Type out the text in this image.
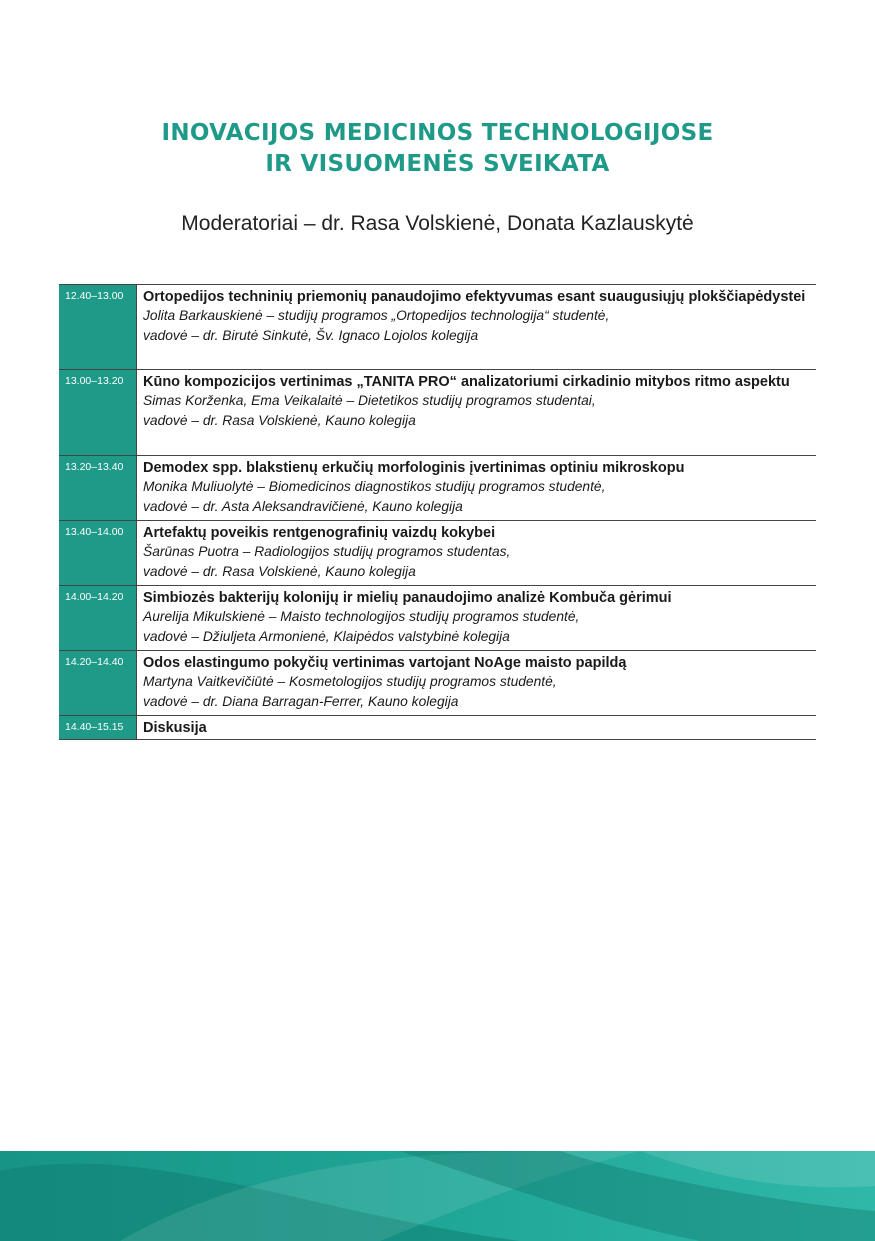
INOVACIJOS MEDICINOS TECHNOLOGIJOSE
IR VISUOMENĖS SVEIKATA
Moderatoriai – dr. Rasa Volskienė, Donata Kazlauskytė
12.40–13.00	Ortopedijos techninių priemonių panaudojimo efektyvumas esant suaugusiųjų plokščiapėdystei
Jolita Barkauskienė – studijų programos „Ortopedijos technologija“ studentė,
vadovė – dr. Birutė Sinkutė, Šv. Ignaco Lojolos kolegija
13.00–13.20	Kūno kompozicijos vertinimas „TANITA PRO“ analizatoriumi cirkadinio mitybos ritmo aspektu
Simas Korženka, Ema Veikalaitė – Dietetikos studijų programos studentai,
vadovė – dr. Rasa Volskienė, Kauno kolegija
13.20–13.40	Demodex spp. blakstienų erkučių morfologinis įvertinimas optiniu mikroskopu
Monika Muliuolytė – Biomedicinos diagnostikos studijų programos studentė,
vadovė – dr. Asta Aleksandravičienė, Kauno kolegija
13.40–14.00	Artefaktų poveikis rentgenografinių vaizdų kokybei
Šarūnas Puotra – Radiologijos studijų programos studentas,
vadovė – dr. Rasa Volskienė, Kauno kolegija
14.00–14.20	Simbiozės bakterijų kolonijų ir mielių panaudojimo analizė Kombuča gėrimui
Aurelija Mikulskienė – Maisto technologijos studijų programos studentė,
vadovė – Džiuljeta Armonienė, Klaipėdos valstybinė kolegija
14.20–14.40	Odos elastingumo pokyčių vertinimas vartojant NoAge maisto papildą
Martyna Vaitkevičiūtė – Kosmetologijos studijų programos studentė,
vadovė – dr. Diana Barragan-Ferrer, Kauno kolegija
14.40–15.15	Diskusija
